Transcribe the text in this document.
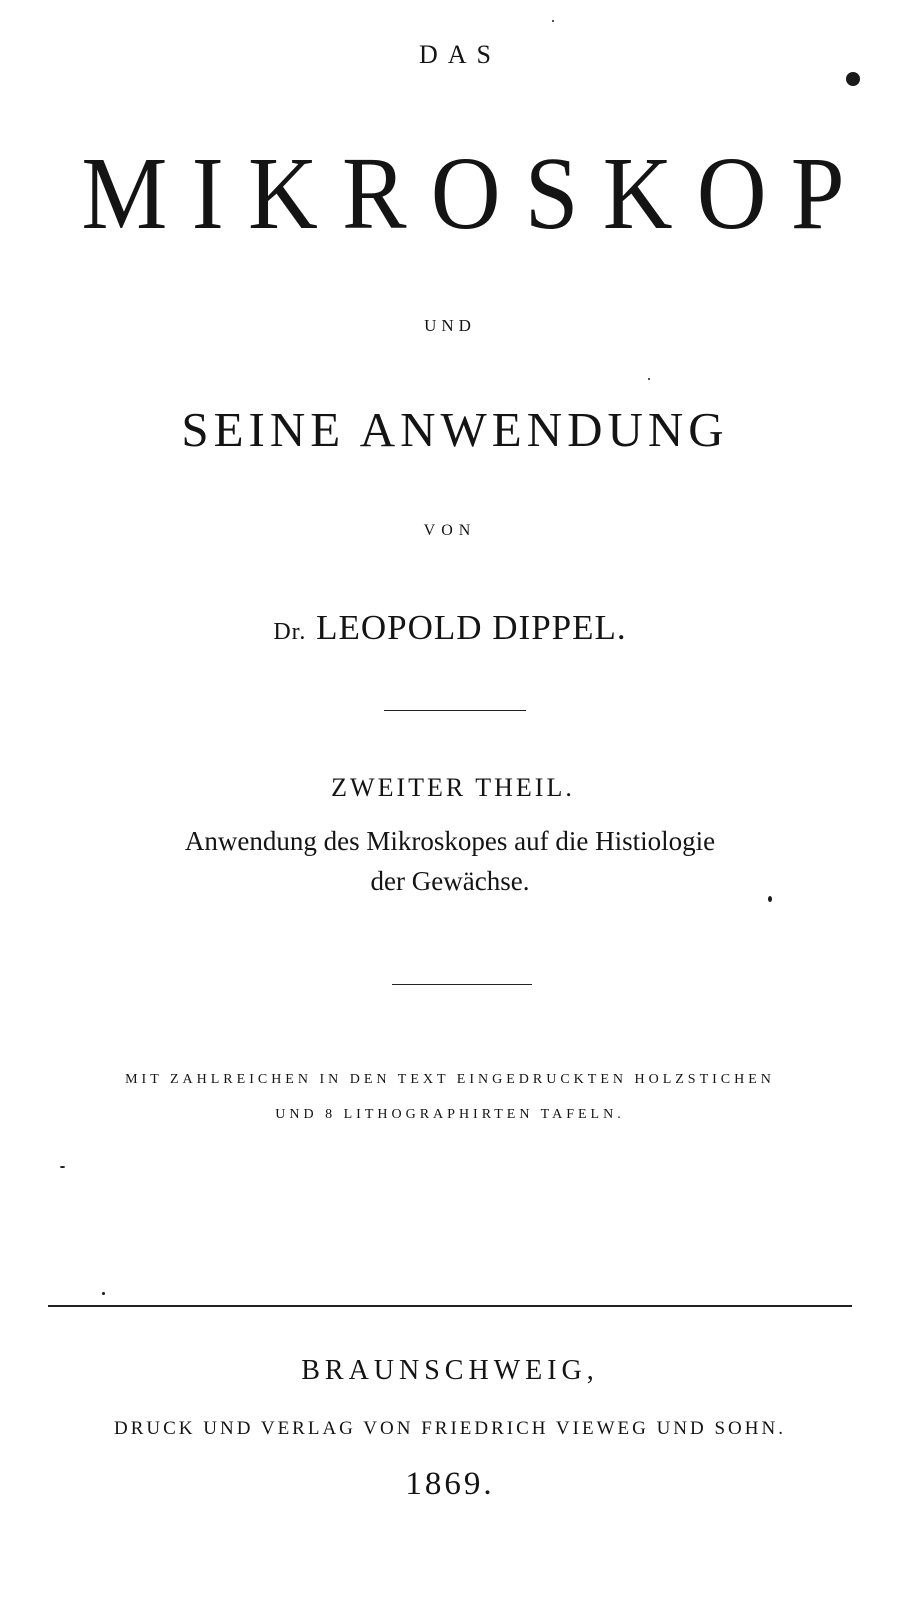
DAS
MIKROSKOP
UND
SEINE ANWENDUNG
VON
Dr. LEOPOLD DIPPEL.
ZWEITER THEIL.
Anwendung des Mikroskopes auf die Histiologie
der Gewächse.
MIT ZAHLREICHEN IN DEN TEXT EINGEDRUCKTEN HOLZSTICHEN
UND 8 LITHOGRAPHIRTEN TAFELN.
BRAUNSCHWEIG,
DRUCK UND VERLAG VON FRIEDRICH VIEWEG UND SOHN.
1869.
